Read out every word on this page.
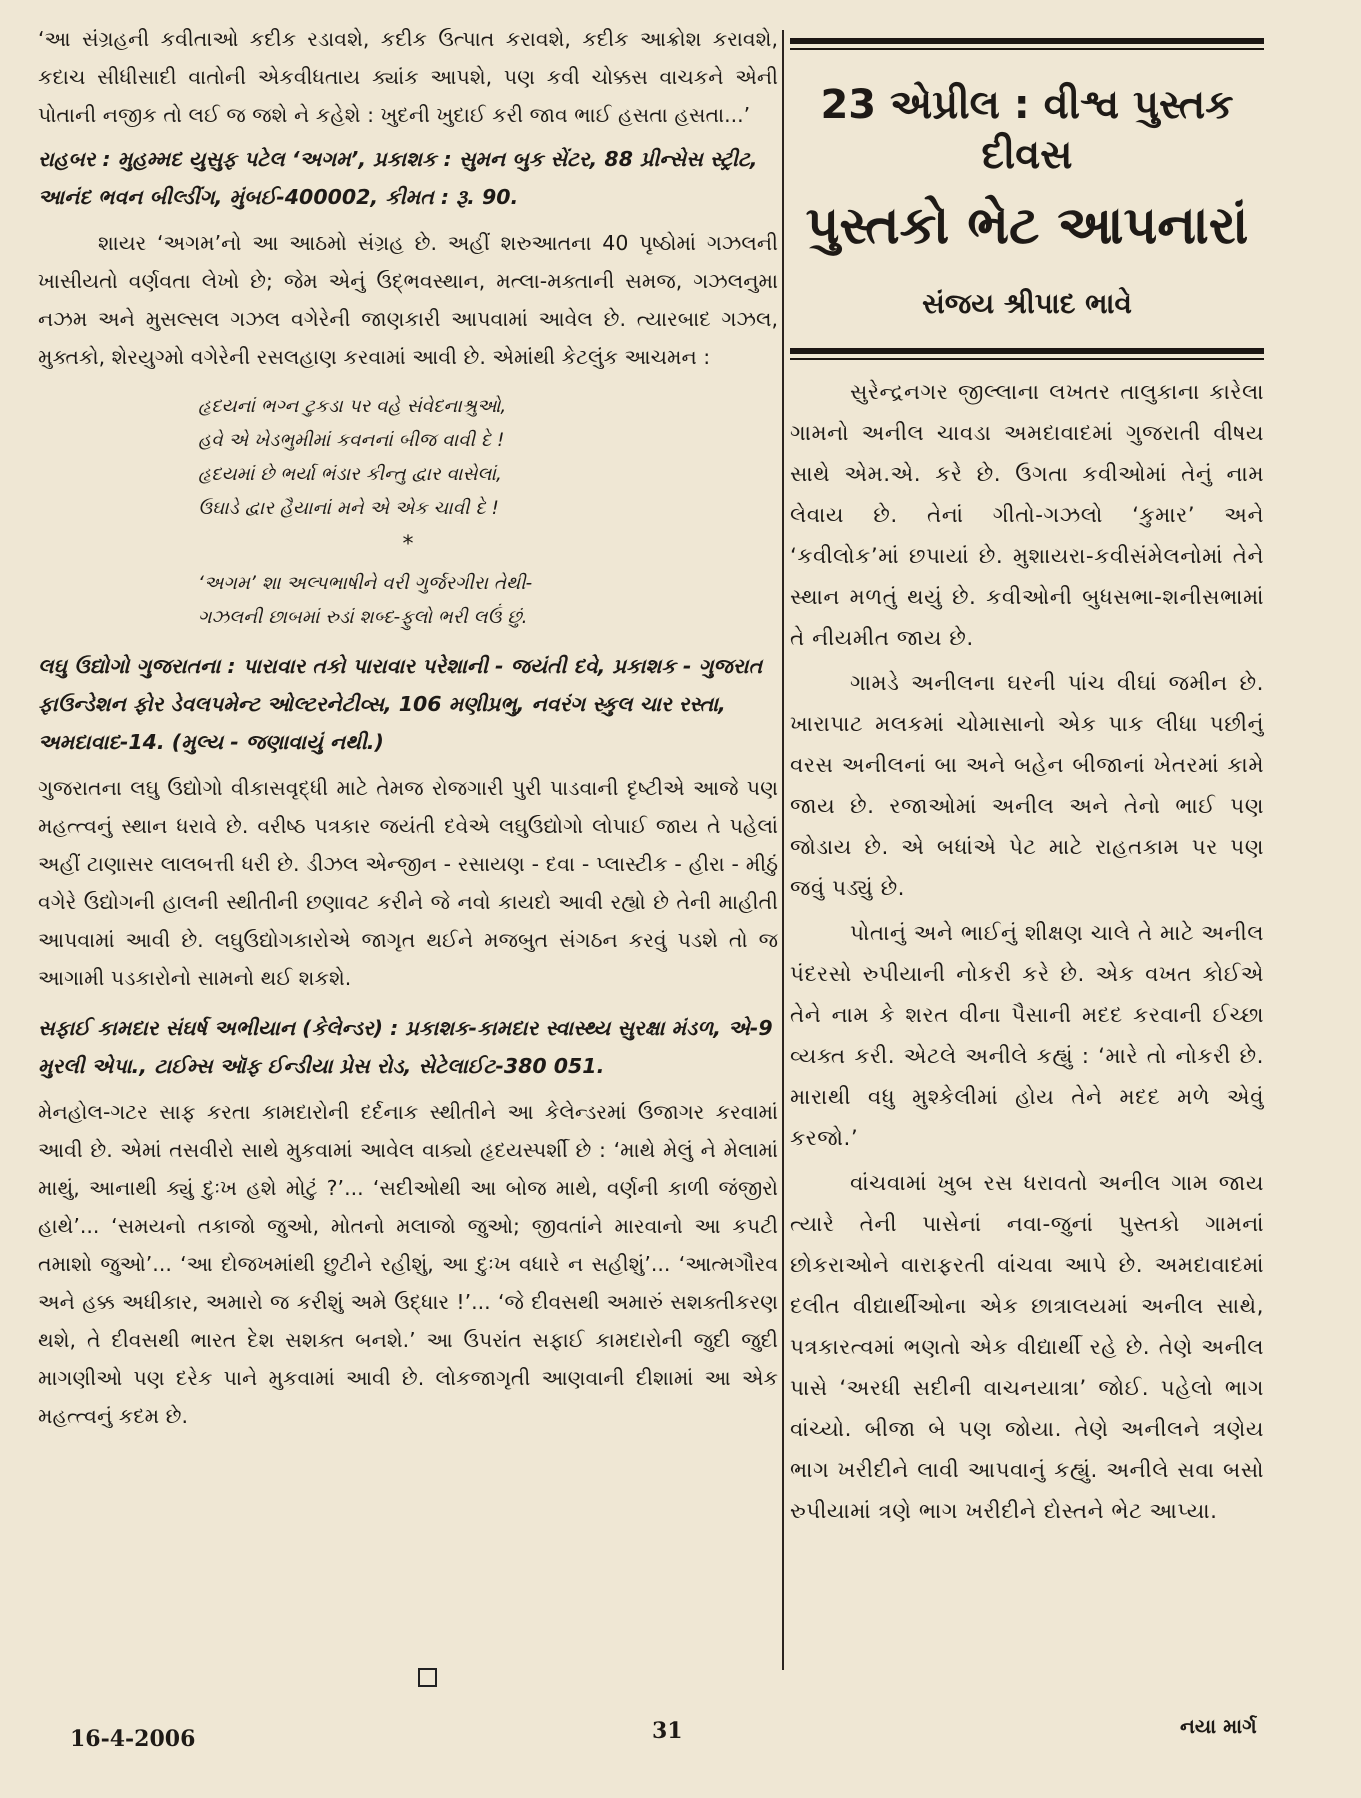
‘આ સંગ્રહની કવીતાઓ કદીક રડાવશે, કદીક ઉત્પાત કરાવશે, કદીક આક્રોશ કરાવશે, કદાચ સીધીસાદી વાતોની એકવીધતાય ક્યાંક આપશે, પણ કવી ચોક્કસ વાચકને એની પોતાની નજીક તો લઈ જ જશે ને કહેશે : ખુદની ખુદાઈ કરી જાવ ભાઈ હસતા હસતા...’

રાહબર : મુહમ્મદ યુસુફ પટેલ ‘અગમ’, પ્રકાશક : સુમન બુક સેંટર, 88 પ્રીન્સેસ સ્ટ્રીટ, આનંદ ભવન બીલ્ડીંગ, મુંબઈ-400002, કીમત : રૂ. 90.

શાયર ‘અગમ’નો આ આઠમો સંગ્રહ છે. અહીં શરુઆતના 40 પૃષ્ઠોમાં ગઝલની ખાસીયતો વર્ણવતા લેખો છે; જેમ એનું ઉદ્ભવસ્થાન, મત્લા-મક્તાની સમજ, ગઝલનુમા નઝમ અને મુસલ્સલ ગઝલ વગેરેની જાણકારી આપવામાં આવેલ છે. ત્યારબાદ ગઝલ, મુક્તકો, શેરયુગ્મો વગેરેની રસલહાણ કરવામાં આવી છે. એમાંથી કેટલુંક આચમન :

હૃદયનાં ભગ્ન ટુકડા પર વહે સંવેદનાશ્રુઓ,
હવે એ ખેડભુમીમાં કવનનાં બીજ વાવી દે !
હૃદયમાં છે ભર્યા ભંડાર કીન્તુ દ્વાર વાસેલાં,
ઉઘાડે દ્વાર હૈયાનાં મને એ એક ચાવી દે !
*
‘અગમ’ શા અલ્પભાષીને વરી ગુર્જરગીરા તેથી-
ગઝલની છાબમાં રુડાં શબ્દ-ફુલો ભરી લઉં છું.

લઘુ ઉદ્યોગો ગુજરાતના : પારાવાર તકો પારાવાર પરેશાની - જયંતી દવે, પ્રકાશક - ગુજરાત ફાઉન્ડેશન ફોર ડેવલપમેન્ટ ઓલ્ટરનેટીવ્સ, 106 મણીપ્રભુ, નવરંગ સ્કુલ ચાર રસ્તા, અમદાવાદ-14. (મુલ્ય - જણાવાયું નથી.)

ગુજરાતના લઘુ ઉદ્યોગો વીકાસવૃદ્ધી માટે તેમજ રોજગારી પુરી પાડવાની દૃષ્ટીએ આજે પણ મહત્ત્વનું સ્થાન ધરાવે છે. વરીષ્ઠ પત્રકાર જયંતી દવેએ લઘુઉદ્યોગો લોપાઈ જાય તે પહેલાં અહીં ટાણાસર લાલબત્તી ધરી છે. ડીઝલ એન્જીન - રસાયણ - દવા - પ્લાસ્ટીક - હીરા - મીઠું વગેરે ઉદ્યોગની હાલની સ્થીતીની છણાવટ કરીને જે નવો કાયદો આવી રહ્યો છે તેની માહીતી આપવામાં આવી છે. લઘુઉદ્યોગકારોએ જાગૃત થઈને મજબુત સંગઠન કરવું પડશે તો જ આગામી પડકારોનો સામનો થઈ શકશે.

સફાઈ કામદાર સંઘર્ષ અભીયાન (કેલેન્ડર) : પ્રકાશક-કામદાર સ્વાસ્થ્ય સુરક્ષા મંડળ, એ-9 મુરલી એપા., ટાઈમ્સ ઑફ ઈન્ડીયા પ્રેસ રોડ, સેટેલાઈટ-380 051.

મેનહોલ-ગટર સાફ કરતા કામદારોની દર્દનાક સ્થીતીને આ કેલેન્ડરમાં ઉજાગર કરવામાં આવી છે. એમાં તસવીરો સાથે મુકવામાં આવેલ વાક્યો હૃદયસ્પર્શી છે : ‘માથે મેલું ને મેલામાં માથું, આનાથી ક્યું દુઃખ હશે મોટું ?’... ‘સદીઓથી આ બોજ માથે, વર્ણની કાળી જંજીરો હાથે’... ‘સમયનો તકાજો જુઓ, મોતનો મલાજો જુઓ; જીવતાંને મારવાનો આ કપટી તમાશો જુઓ’... ‘આ દોજખમાંથી છુટીને રહીશું, આ દુઃખ વધારે ન સહીશું’... ‘આત્મગૌરવ અને હક્ક અધીકાર, અમારો જ કરીશું અમે ઉદ્ધાર !’... ‘જે દીવસથી અમારું સશક્તીકરણ થશે, તે દીવસથી ભારત દેશ સશક્ત બનશે.’ આ ઉપરાંત સફાઈ કામદારોની જુદી જુદી માગણીઓ પણ દરેક પાને મુકવામાં આવી છે. લોકજાગૃતી આણવાની દીશામાં આ એક મહત્ત્વનું કદમ છે.

23 એપ્રીલ : વીશ્વ પુસ્તક દીવસ
પુસ્તકો ભેટ આપનારાં
સંજય શ્રીપાદ ભાવે

સુરેન્દ્રનગર જીલ્લાના લખતર તાલુકાના કારેલા ગામનો અનીલ ચાવડા અમદાવાદમાં ગુજરાતી વીષય સાથે એમ.એ. કરે છે. ઉગતા કવીઓમાં તેનું નામ લેવાય છે. તેનાં ગીતો-ગઝલો ‘કુમાર’ અને ‘કવીલોક’માં છપાયાં છે. મુશાયરા-કવીસંમેલનોમાં તેને સ્થાન મળતું થયું છે. કવીઓની બુધસભા-શનીસભામાં તે નીયમીત જાય છે.

ગામડે અનીલના ઘરની પાંચ વીઘાં જમીન છે. ખારાપાટ મલકમાં ચોમાસાનો એક પાક લીધા પછીનું વરસ અનીલનાં બા અને બહેન બીજાનાં ખેતરમાં કામે જાય છે. રજાઓમાં અનીલ અને તેનો ભાઈ પણ જોડાય છે. એ બધાંએ પેટ માટે રાહતકામ પર પણ જવું પડ્યું છે.

પોતાનું અને ભાઈનું શીક્ષણ ચાલે તે માટે અનીલ પંદરસો રુપીયાની નોકરી કરે છે. એક વખત કોઈએ તેને નામ કે શરત વીના પૈસાની મદદ કરવાની ઈચ્છા વ્યક્ત કરી. એટલે અનીલે કહ્યું : ‘મારે તો નોકરી છે. મારાથી વધુ મુશ્કેલીમાં હોય તેને મદદ મળે એવું કરજો.’

વાંચવામાં ખુબ રસ ધરાવતો અનીલ ગામ જાય ત્યારે તેની પાસેનાં નવા-જુનાં પુસ્તકો ગામનાં છોકરાઓને વારાફરતી વાંચવા આપે છે. અમદાવાદમાં દલીત વીદ્યાર્થીઓના એક છાત્રાલયમાં અનીલ સાથે, પત્રકારત્વમાં ભણતો એક વીદ્યાર્થી રહે છે. તેણે અનીલ પાસે ‘અરધી સદીની વાચનયાત્રા’ જોઈ. પહેલો ભાગ વાંચ્યો. બીજા બે પણ જોયા. તેણે અનીલને ત્રણેય ભાગ ખરીદીને લાવી આપવાનું કહ્યું. અનીલે સવા બસો રુપીયામાં ત્રણે ભાગ ખરીદીને દોસ્તને ભેટ આપ્યા.

16-4-2006	31	નયા માર્ગ
